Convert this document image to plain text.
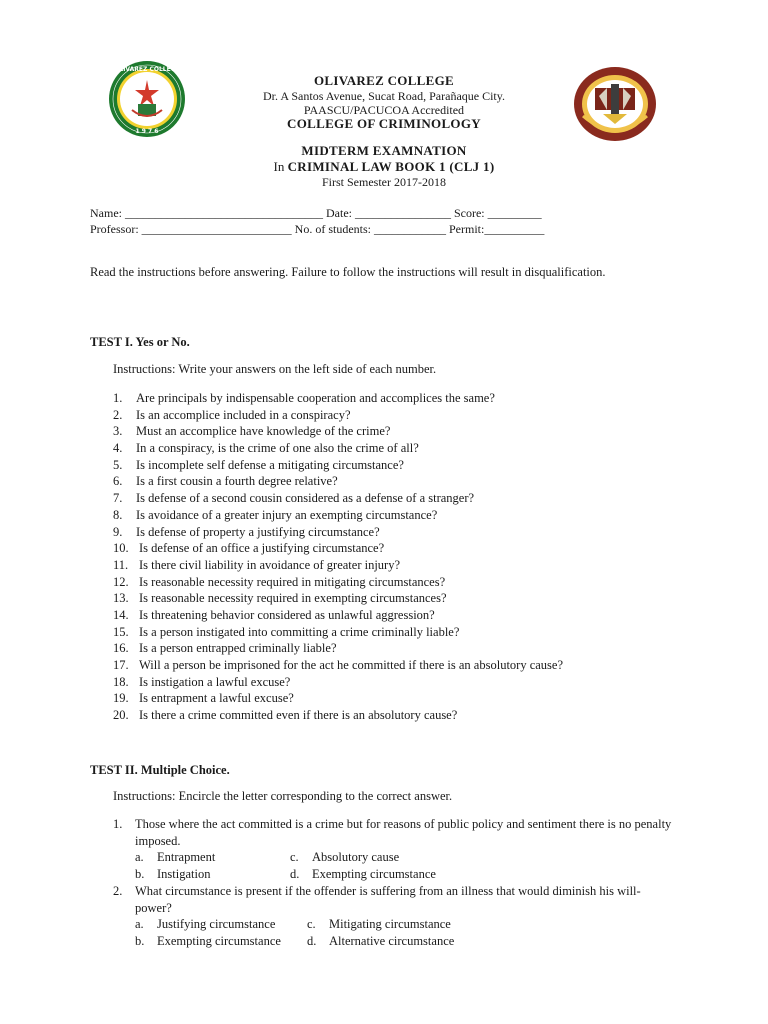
OLIVAREZ COLLEGE
1 9 7 6
OLIVAREZ COLLEGE
Dr. A Santos Avenue, Sucat Road, Parañaque City.
PAASCU/PACUCOA Accredited
COLLEGE OF CRIMINOLOGY
MIDTERM EXAMNATION
In CRIMINAL LAW BOOK 1 (CLJ 1)
First Semester 2017-2018
Name: _________________________________ Date: ________________ Score: _________
Professor: _________________________ No. of students: ____________ Permit:__________
Read the instructions before answering. Failure to follow the instructions will result in disqualification.
TEST I. Yes or No.
Instructions: Write your answers on the left side of each number.
1. Are principals by indispensable cooperation and accomplices the same?
2. Is an accomplice included in a conspiracy?
3. Must an accomplice have knowledge of the crime?
4. In a conspiracy, is the crime of one also the crime of all?
5. Is incomplete self defense a mitigating circumstance?
6. Is a first cousin a fourth degree relative?
7. Is defense of a second cousin considered as a defense of a stranger?
8. Is avoidance of a greater injury an exempting circumstance?
9. Is defense of property a justifying circumstance?
10. Is defense of an office a justifying circumstance?
11. Is there civil liability in avoidance of greater injury?
12. Is reasonable necessity required in mitigating circumstances?
13. Is reasonable necessity required in exempting circumstances?
14. Is threatening behavior considered as unlawful aggression?
15. Is a person instigated into committing a crime criminally liable?
16. Is a person entrapped criminally liable?
17. Will a person be imprisoned for the act he committed if there is an absolutory cause?
18. Is instigation a lawful excuse?
19. Is entrapment a lawful excuse?
20. Is there a crime committed even if there is an absolutory cause?
TEST II. Multiple Choice.
Instructions: Encircle the letter corresponding to the correct answer.
1.	Those where the act committed is a crime but for reasons of public policy and sentiment there is no penalty imposed.
a. Entrapment	c. Absolutory cause
b. Instigation	d. Exempting circumstance
2.	What circumstance is present if the offender is suffering from an illness that would diminish his will-power?
a. Justifying circumstance	c. Mitigating circumstance
b. Exempting circumstance	d. Alternative circumstance
